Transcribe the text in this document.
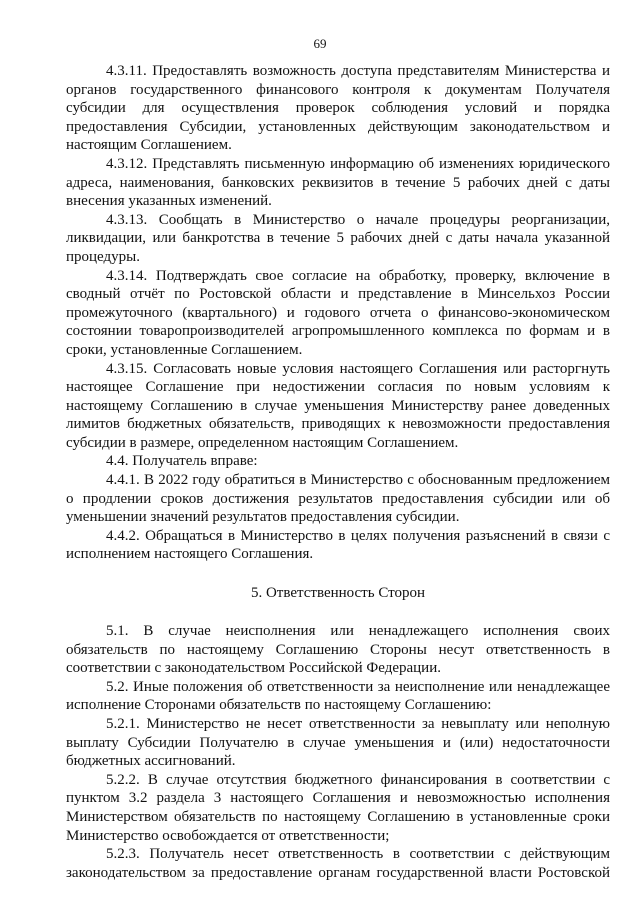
69

4.3.11. Предоставлять возможность доступа представителям Министерства и органов государственного финансового контроля к документам Получателя субсидии для осуществления проверок соблюдения условий и порядка предоставления Субсидии, установленных действующим законодательством и настоящим Соглашением.

4.3.12. Представлять письменную информацию об изменениях юридического адреса, наименования, банковских реквизитов в течение 5 рабочих дней с даты внесения указанных изменений.

4.3.13. Сообщать в Министерство о начале процедуры реорганизации, ликвидации, или банкротства в течение 5 рабочих дней с даты начала указанной процедуры.

4.3.14. Подтверждать свое согласие на обработку, проверку, включение в сводный отчёт по Ростовской области и представление в Минсельхоз России промежуточного (квартального) и годового отчета о финансово-экономическом состоянии товаропроизводителей агропромышленного комплекса по формам и в сроки, установленные Соглашением.

4.3.15. Согласовать новые условия настоящего Соглашения или расторгнуть настоящее Соглашение при недостижении согласия по новым условиям к настоящему Соглашению в случае уменьшения Министерству ранее доведенных лимитов бюджетных обязательств, приводящих к невозможности предоставления субсидии в размере, определенном настоящим Соглашением.

4.4. Получатель вправе:

4.4.1. В 2022 году обратиться в Министерство с обоснованным предложением о продлении сроков достижения результатов предоставления субсидии или об уменьшении значений результатов предоставления субсидии.

4.4.2. Обращаться в Министерство в целях получения разъяснений в связи с исполнением настоящего Соглашения.

5. Ответственность Сторон

5.1. В случае неисполнения или ненадлежащего исполнения своих обязательств по настоящему Соглашению Стороны несут ответственность в соответствии с законодательством Российской Федерации.

5.2. Иные положения об ответственности за неисполнение или ненадлежащее исполнение Сторонами обязательств по настоящему Соглашению:

5.2.1. Министерство не несет ответственности за невыплату или неполную выплату Субсидии Получателю в случае уменьшения и (или) недостаточности бюджетных ассигнований.

5.2.2. В случае отсутствия бюджетного финансирования в соответствии с пунктом 3.2 раздела 3 настоящего Соглашения и невозможностью исполнения Министерством обязательств по настоящему Соглашению в установленные сроки Министерство освобождается от ответственности;

5.2.3. Получатель несет ответственность в соответствии с действующим законодательством за предоставление органам государственной власти Ростовской
